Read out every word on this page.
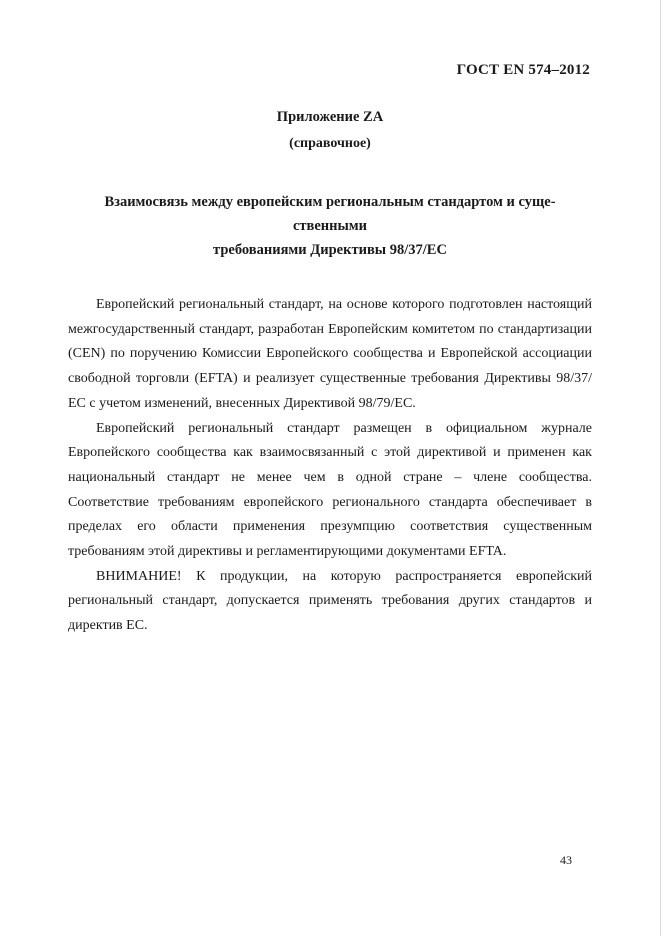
ГОСТ EN 574–2012
Приложение ZA
(справочное)
Взаимосвязь между европейским региональным стандартом и суще-
ственными
требованиями Директивы 98/37/ЕС

Европейский региональный стандарт, на основе которого подготовлен настоящий межгосударственный стандарт, разработан Европейским комитетом по стандартизации (CEN) по поручению Комиссии Европейского сообщества и Европейской ассоциации свободной торговли (EFTA) и реализует существенные требования Директивы 98/37/ЕС с учетом изменений, внесенных Директивой 98/79/ЕС.

Европейский региональный стандарт размещен в официальном журнале Европейского сообщества как взаимосвязанный с этой директивой и применен как национальный стандарт не менее чем в одной стране – члене сообщества. Соответствие требованиям европейского регионального стандарта обеспечивает в пределах его области применения презумпцию соответствия существенным требованиям этой директивы и регламентирующими документами EFTA.

ВНИМАНИЕ! К продукции, на которую распространяется европейский региональный стандарт, допускается применять требования других стандартов и директив ЕС.

43
